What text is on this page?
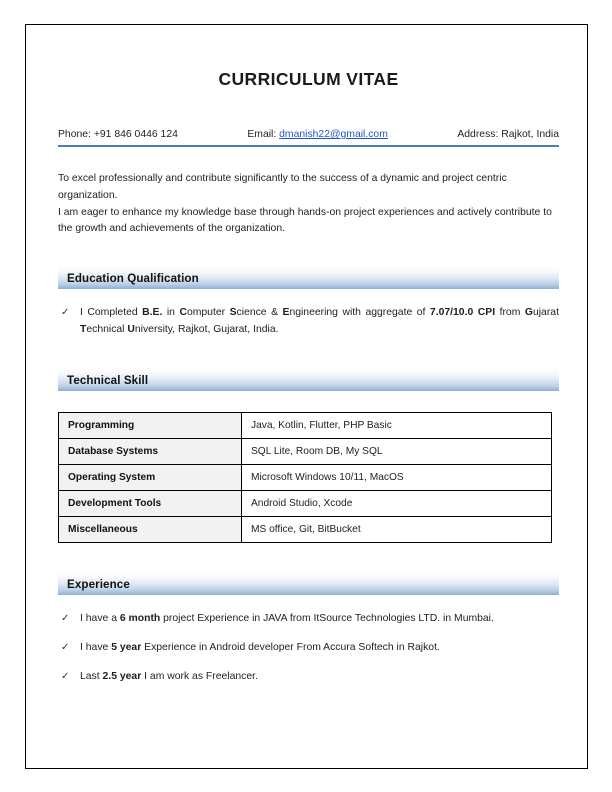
CURRICULUM VITAE
Phone: +91 846 0446 124	Email: dmanish22@gmail.com	Address: Rajkot, India

To excel professionally and contribute significantly to the success of a dynamic and project centric organization.

I am eager to enhance my knowledge base through hands-on project experiences and actively contribute to the growth and achievements of the organization.

Education Qualification
✓	I Completed B.E. in Computer Science & Engineering with aggregate of 7.07/10.0 CPI from Gujarat Technical University, Rajkot, Gujarat, India.
Technical Skill
Programming	Java, Kotlin, Flutter, PHP Basic
Database Systems	SQL Lite, Room DB, My SQL
Operating System	Microsoft Windows 10/11, MacOS
Development Tools	Android Studio, Xcode
Miscellaneous	MS office, Git, BitBucket
Experience
✓	I have a 6 month project Experience in JAVA from ItSource Technologies LTD. in Mumbai.
✓	I have 5 year Experience in Android developer From Accura Softech in Rajkot.
✓	Last 2.5 year I am work as Freelancer.
